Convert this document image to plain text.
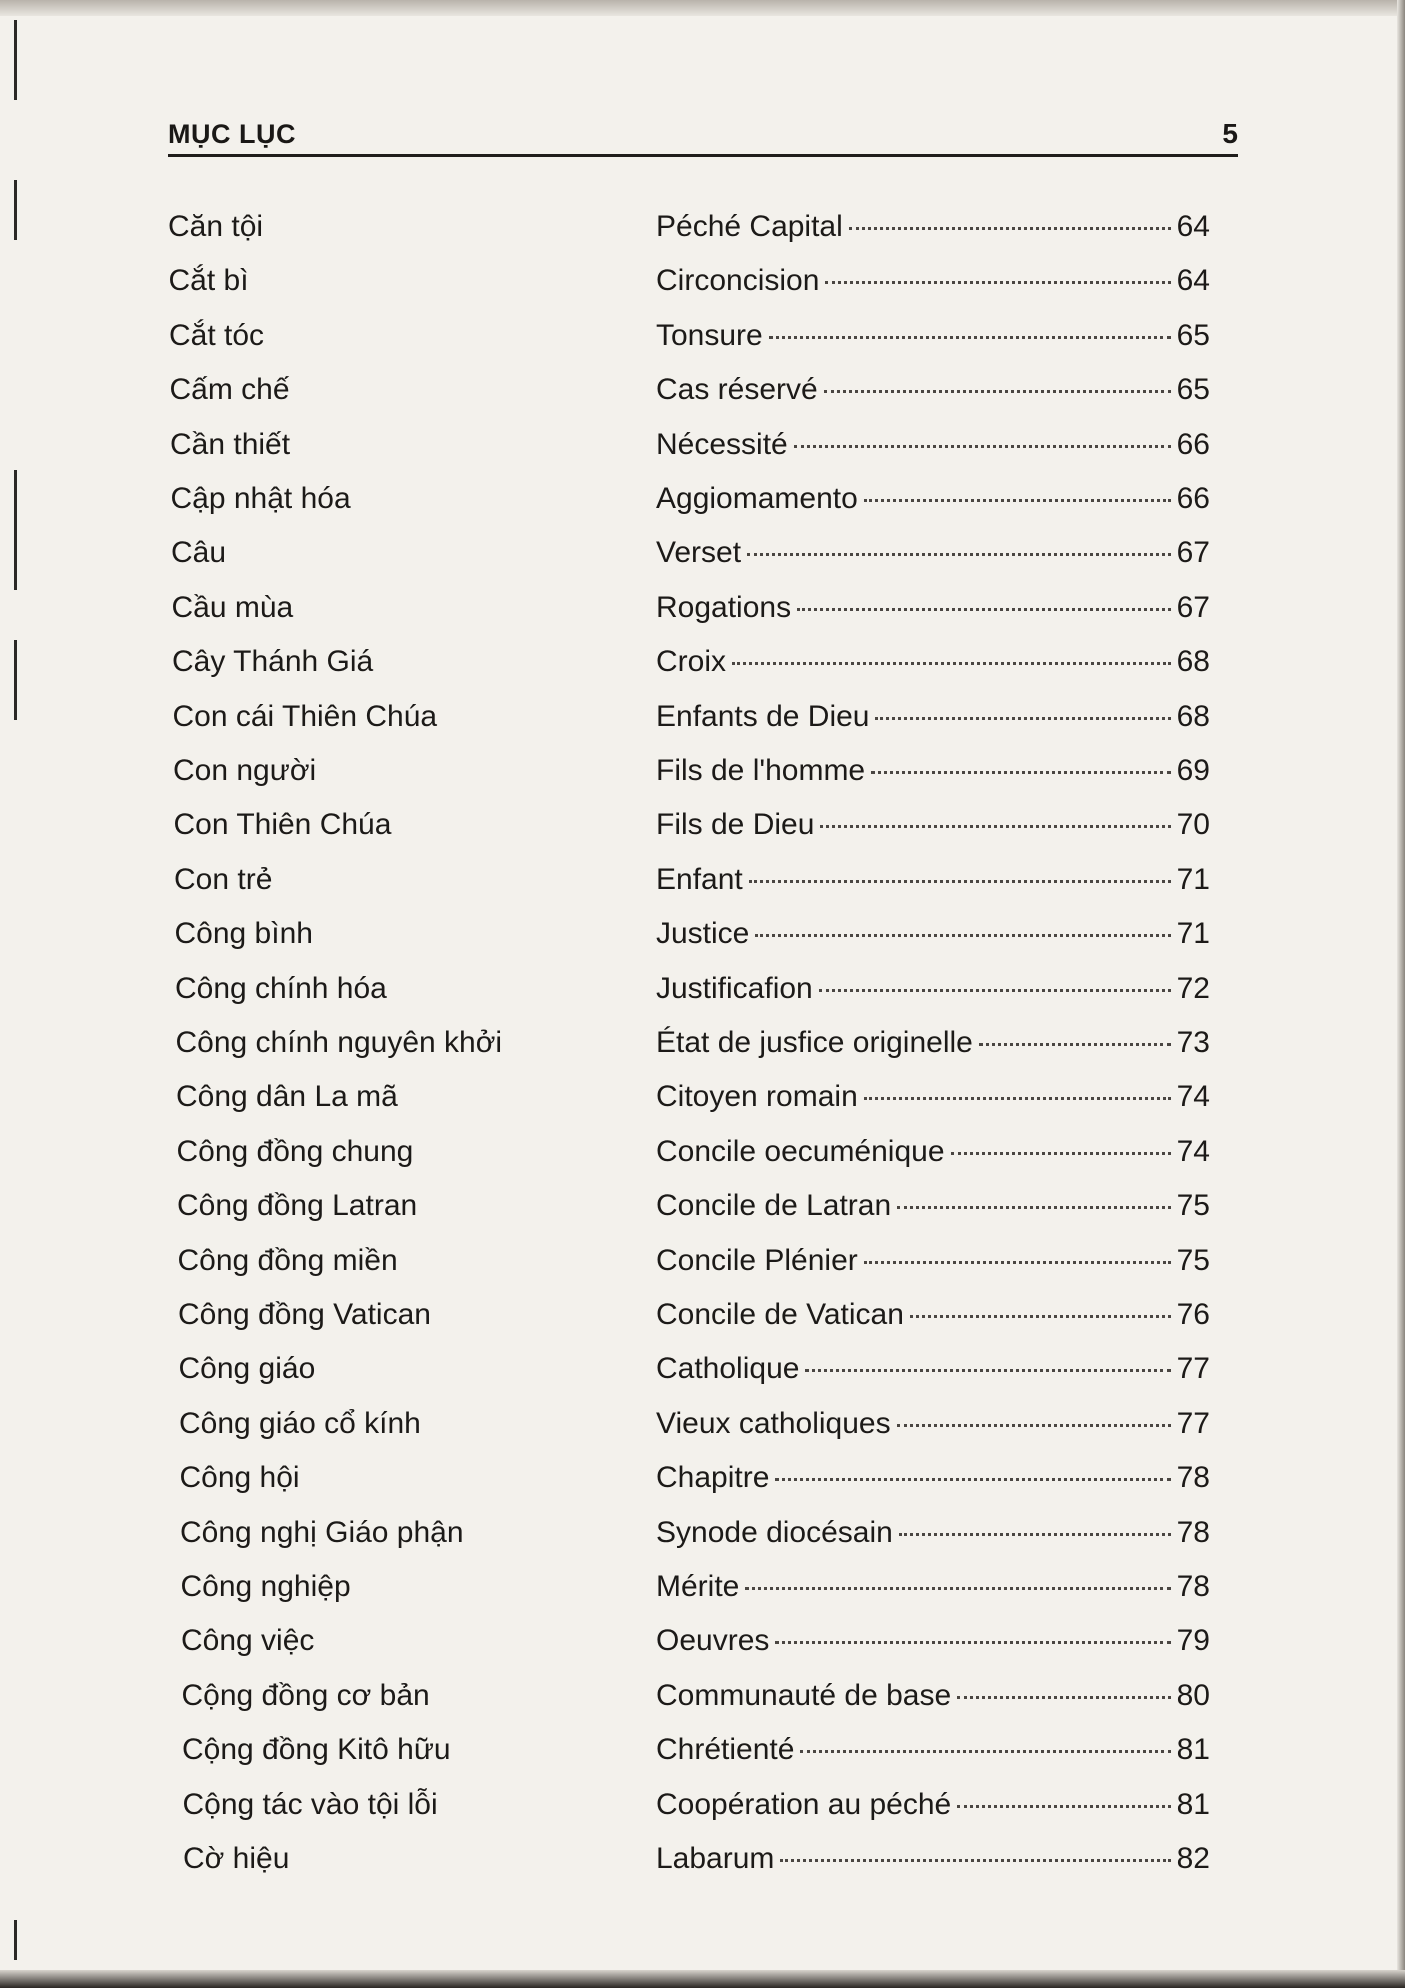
MỤC LỤC	5
Căn tội	Péché Capital	64
Cắt bì	Circoncision	64
Cắt tóc	Tonsure	65
Cấm chế	Cas réservé	65
Cần thiết	Nécessité	66
Cập nhật hóa	Aggiomamento	66
Câu	Verset	67
Cầu mùa	Rogations	67
Cây Thánh Giá	Croix	68
Con cái Thiên Chúa	Enfants de Dieu	68
Con người	Fils de l'homme	69
Con Thiên Chúa	Fils de Dieu	70
Con trẻ	Enfant	71
Công bình	Justice	71
Công chính hóa	Justificafion	72
Công chính nguyên khởi	État de jusfice originelle	73
Công dân La mã	Citoyen romain	74
Công đồng chung	Concile oecuménique	74
Công đồng Latran	Concile de Latran	75
Công đồng miền	Concile Plénier	75
Công đồng Vatican	Concile de Vatican	76
Công giáo	Catholique	77
Công giáo cổ kính	Vieux catholiques	77
Công hội	Chapitre	78
Công nghị Giáo phận	Synode diocésain	78
Công nghiệp	Mérite	78
Công việc	Oeuvres	79
Cộng đồng cơ bản	Communauté de base	80
Cộng đồng Kitô hữu	Chrétienté	81
Cộng tác vào tội lỗi	Coopération au péché	81
Cờ hiệu	Labarum	82
